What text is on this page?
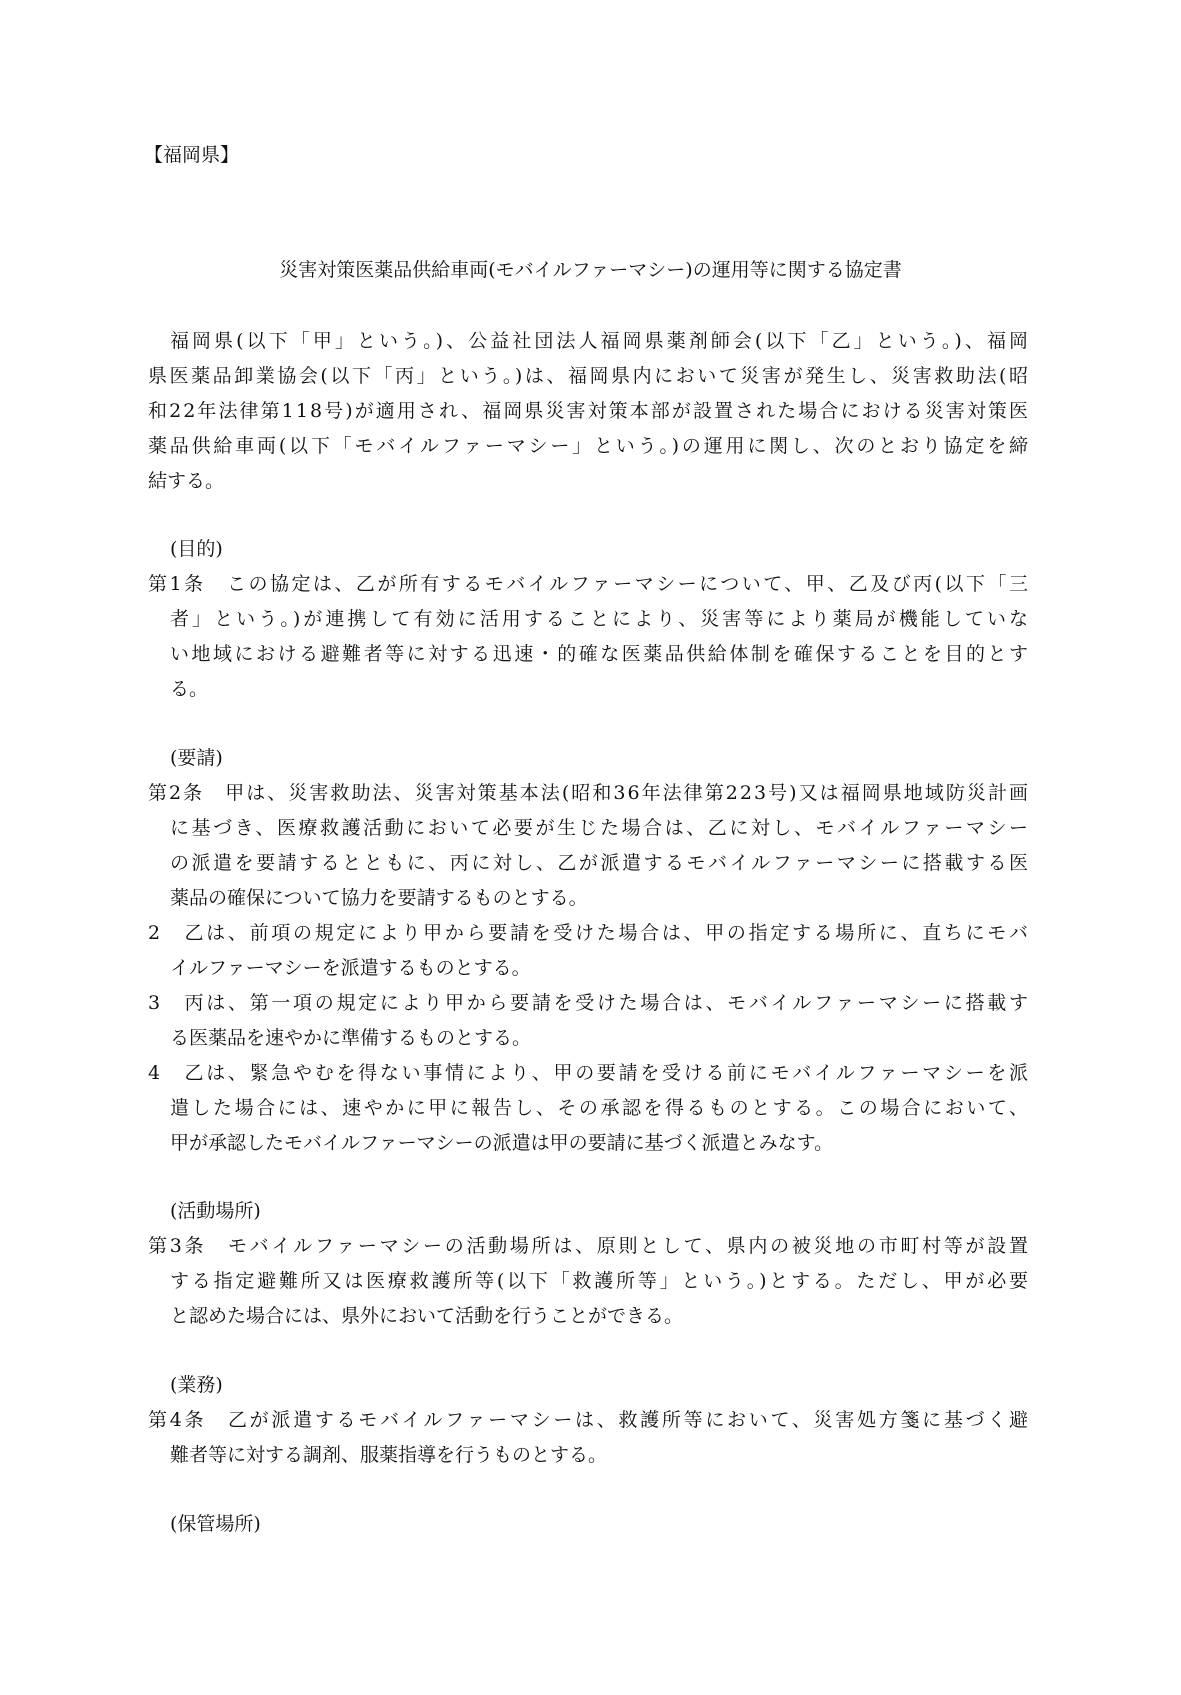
【福岡県】
災害対策医薬品供給車両(モバイルファーマシー)の運用等に関する協定書
福岡県(以下「甲」という。)、公益社団法人福岡県薬剤師会(以下「乙」という。)、福岡
県医薬品卸業協会(以下「丙」という。)は、福岡県内において災害が発生し、災害救助法(昭
和22年法律第118号)が適用され、福岡県災害対策本部が設置された場合における災害対策医
薬品供給車両(以下「モバイルファーマシー」という。)の運用に関し、次のとおり協定を締
結する。
(目的)
第1条　この協定は、乙が所有するモバイルファーマシーについて、甲、乙及び丙(以下「三
者」という。)が連携して有効に活用することにより、災害等により薬局が機能していな
い地域における避難者等に対する迅速・的確な医薬品供給体制を確保することを目的とす
る。
(要請)
第2条　甲は、災害救助法、災害対策基本法(昭和36年法律第223号)又は福岡県地域防災計画
に基づき、医療救護活動において必要が生じた場合は、乙に対し、モバイルファーマシー
の派遣を要請するとともに、丙に対し、乙が派遣するモバイルファーマシーに搭載する医
薬品の確保について協力を要請するものとする。
2　乙は、前項の規定により甲から要請を受けた場合は、甲の指定する場所に、直ちにモバ
イルファーマシーを派遣するものとする。
3　丙は、第一項の規定により甲から要請を受けた場合は、モバイルファーマシーに搭載す
る医薬品を速やかに準備するものとする。
4　乙は、緊急やむを得ない事情により、甲の要請を受ける前にモバイルファーマシーを派
遣した場合には、速やかに甲に報告し、その承認を得るものとする。この場合において、
甲が承認したモバイルファーマシーの派遣は甲の要請に基づく派遣とみなす。
(活動場所)
第3条　モバイルファーマシーの活動場所は、原則として、県内の被災地の市町村等が設置
する指定避難所又は医療救護所等(以下「救護所等」という。)とする。ただし、甲が必要
と認めた場合には、県外において活動を行うことができる。
(業務)
第4条　乙が派遣するモバイルファーマシーは、救護所等において、災害処方箋に基づく避
難者等に対する調剤、服薬指導を行うものとする。
(保管場所)
